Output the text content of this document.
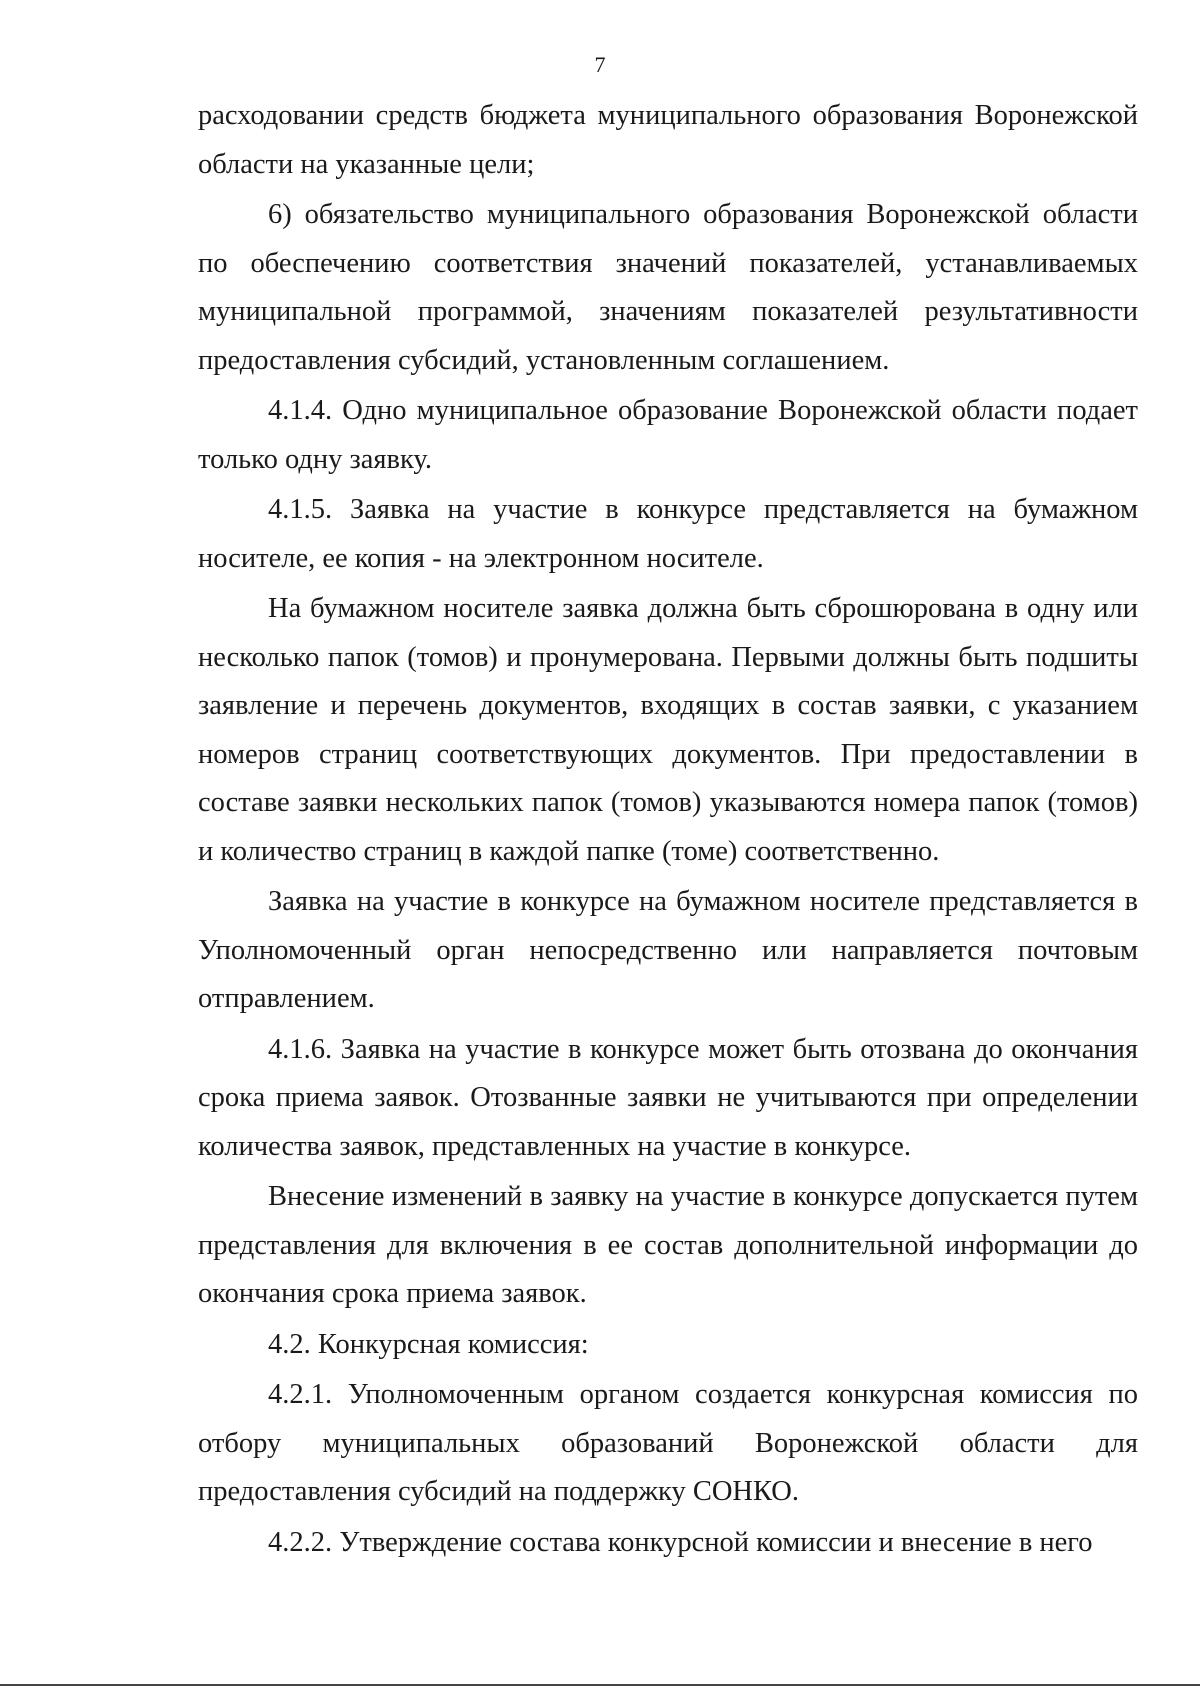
7

расходовании средств бюджета муниципального образования Воронежской области на указанные цели;

6) обязательство муниципального образования Воронежской области по обеспечению соответствия значений показателей, устанавливаемых муниципальной программой, значениям показателей результативности предоставления субсидий, установленным соглашением.

4.1.4. Одно муниципальное образование Воронежской области подает только одну заявку.

4.1.5. Заявка на участие в конкурсе представляется на бумажном носителе, ее копия - на электронном носителе.

На бумажном носителе заявка должна быть сброшюрована в одну или несколько папок (томов) и пронумерована. Первыми должны быть подшиты заявление и перечень документов, входящих в состав заявки, с указанием номеров страниц соответствующих документов. При предоставлении в составе заявки нескольких папок (томов) указываются номера папок (томов) и количество страниц в каждой папке (томе) соответственно.

Заявка на участие в конкурсе на бумажном носителе представляется в Уполномоченный орган непосредственно или направляется почтовым отправлением.

4.1.6. Заявка на участие в конкурсе может быть отозвана до окончания срока приема заявок. Отозванные заявки не учитываются при определении количества заявок, представленных на участие в конкурсе.

Внесение изменений в заявку на участие в конкурсе допускается путем представления для включения в ее состав дополнительной информации до окончания срока приема заявок.

4.2. Конкурсная комиссия:

4.2.1. Уполномоченным органом создается конкурсная комиссия по отбору муниципальных образований Воронежской области для предоставления субсидий на поддержку СОНКО.

4.2.2. Утверждение состава конкурсной комиссии и внесение в него
